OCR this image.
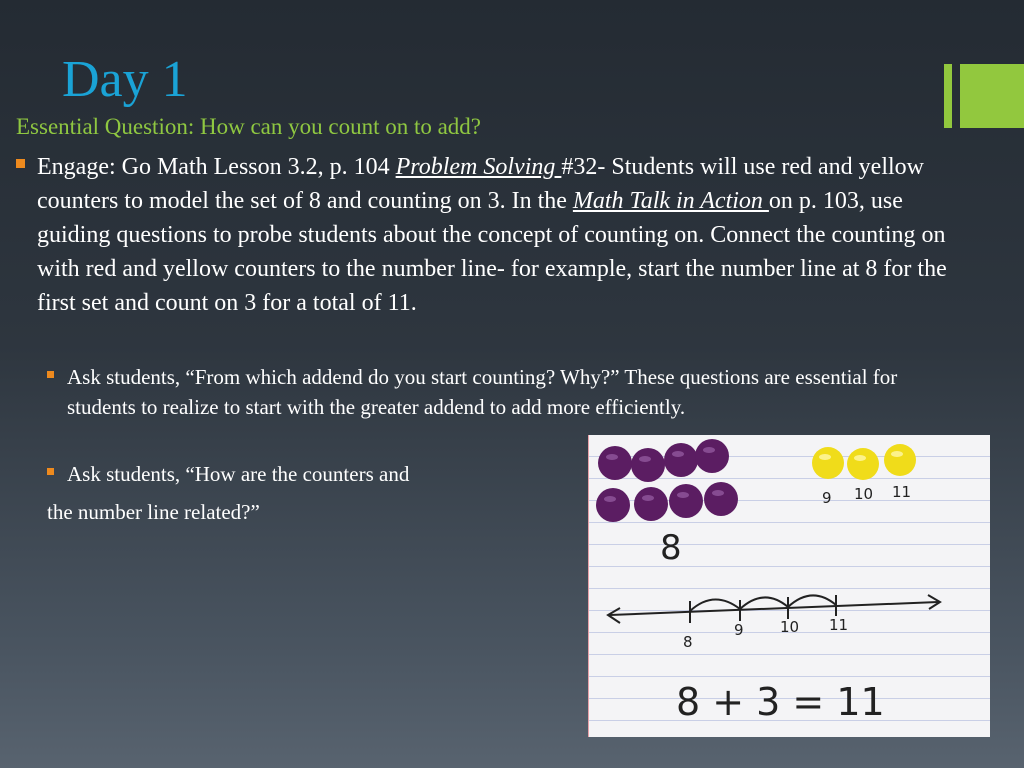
Day 1
Essential Question: How can you count on to add?
Engage: Go Math Lesson 3.2, p. 104 Problem Solving #32- Students will use red and yellow counters to model the set of 8 and counting on 3. In the Math Talk in Action on p. 103, use guiding questions to probe students about the concept of counting on. Connect the counting on with red and yellow counters to the number line- for example, start the number line at 8 for the first set and count on 3 for a total of 11.
Ask students, “From which addend do you start counting? Why?” These questions are essential for students to realize to start with the greater addend to add more efficiently.
Ask students, “How are the counters and
the number line related?”
9 10 11
8
8
9 10 11
8 + 3 = 11
